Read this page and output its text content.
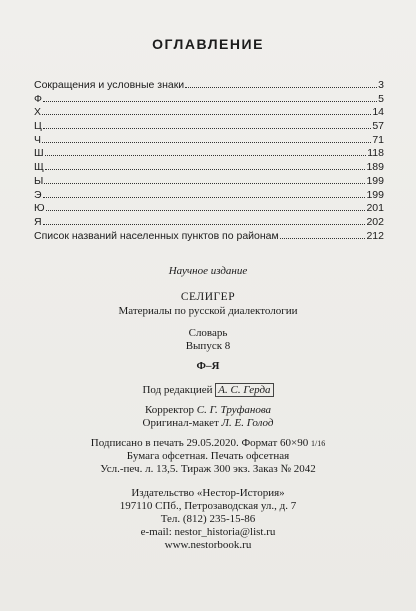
ОГЛАВЛЕНИЕ
Сокращения и условные знаки	3
Ф	5
Х	14
Ц	57
Ч	71
Ш	118
Щ	189
Ы	199
Э	199
Ю	201
Я	202
Список названий населенных пунктов по районам	212
Научное издание
СЕЛИГЕР
Материалы по русской диалектологии
Словарь
Выпуск 8
Ф–Я
Под редакцией А. С. Герда
Корректор С. Г. Труфанова
Оригинал-макет Л. Е. Голод
Подписано в печать 29.05.2020. Формат 60×90 1/16
Бумага офсетная. Печать офсетная
Усл.-печ. л. 13,5. Тираж 300 экз. Заказ № 2042
Издательство «Нестор-История»
197110 СПб., Петрозаводская ул., д. 7
Тел. (812) 235-15-86
e-mail: nestor_historia@list.ru
www.nestorbook.ru
